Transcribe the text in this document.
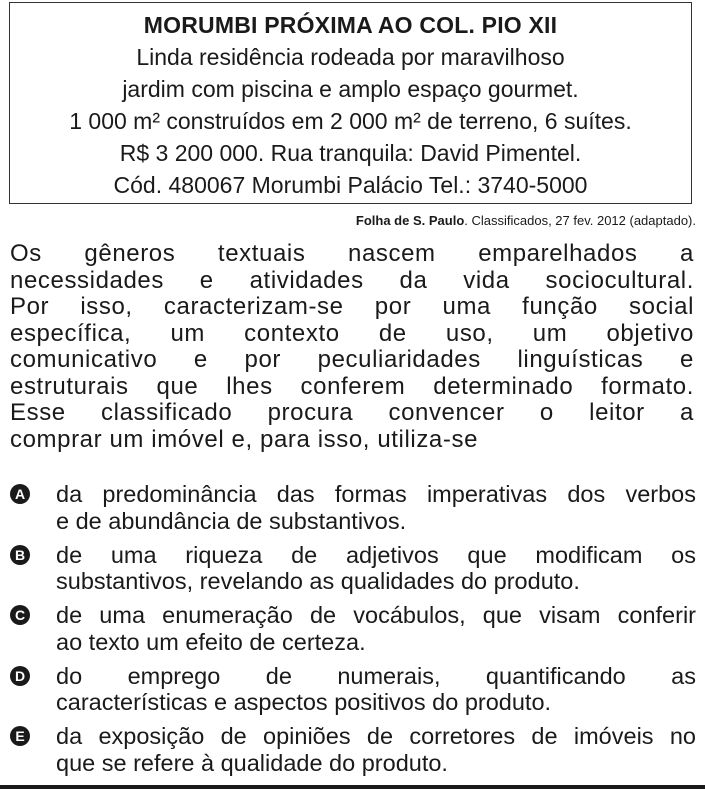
MORUMBI PRÓXIMA AO COL. PIO XII
Linda residência rodeada por maravilhoso
jardim com piscina e amplo espaço gourmet.
1 000 m² construídos em 2 000 m² de terreno, 6 suítes.
R$ 3 200 000. Rua tranquila: David Pimentel.
Cód. 480067 Morumbi Palácio Tel.: 3740-5000
Folha de S. Paulo. Classificados, 27 fev. 2012 (adaptado).
Os gêneros textuais nascem emparelhados a
necessidades e atividades da vida sociocultural.
Por isso, caracterizam-se por uma função social
específica, um contexto de uso, um objetivo
comunicativo e por peculiaridades linguísticas e
estruturais que lhes conferem determinado formato.
Esse classificado procura convencer o leitor a
comprar um imóvel e, para isso, utiliza-se
A da predominância das formas imperativas dos verbos
e de abundância de substantivos.
B de uma riqueza de adjetivos que modificam os
substantivos, revelando as qualidades do produto.
C de uma enumeração de vocábulos, que visam conferir
ao texto um efeito de certeza.
D do emprego de numerais, quantificando as
características e aspectos positivos do produto.
E da exposição de opiniões de corretores de imóveis no
que se refere à qualidade do produto.
